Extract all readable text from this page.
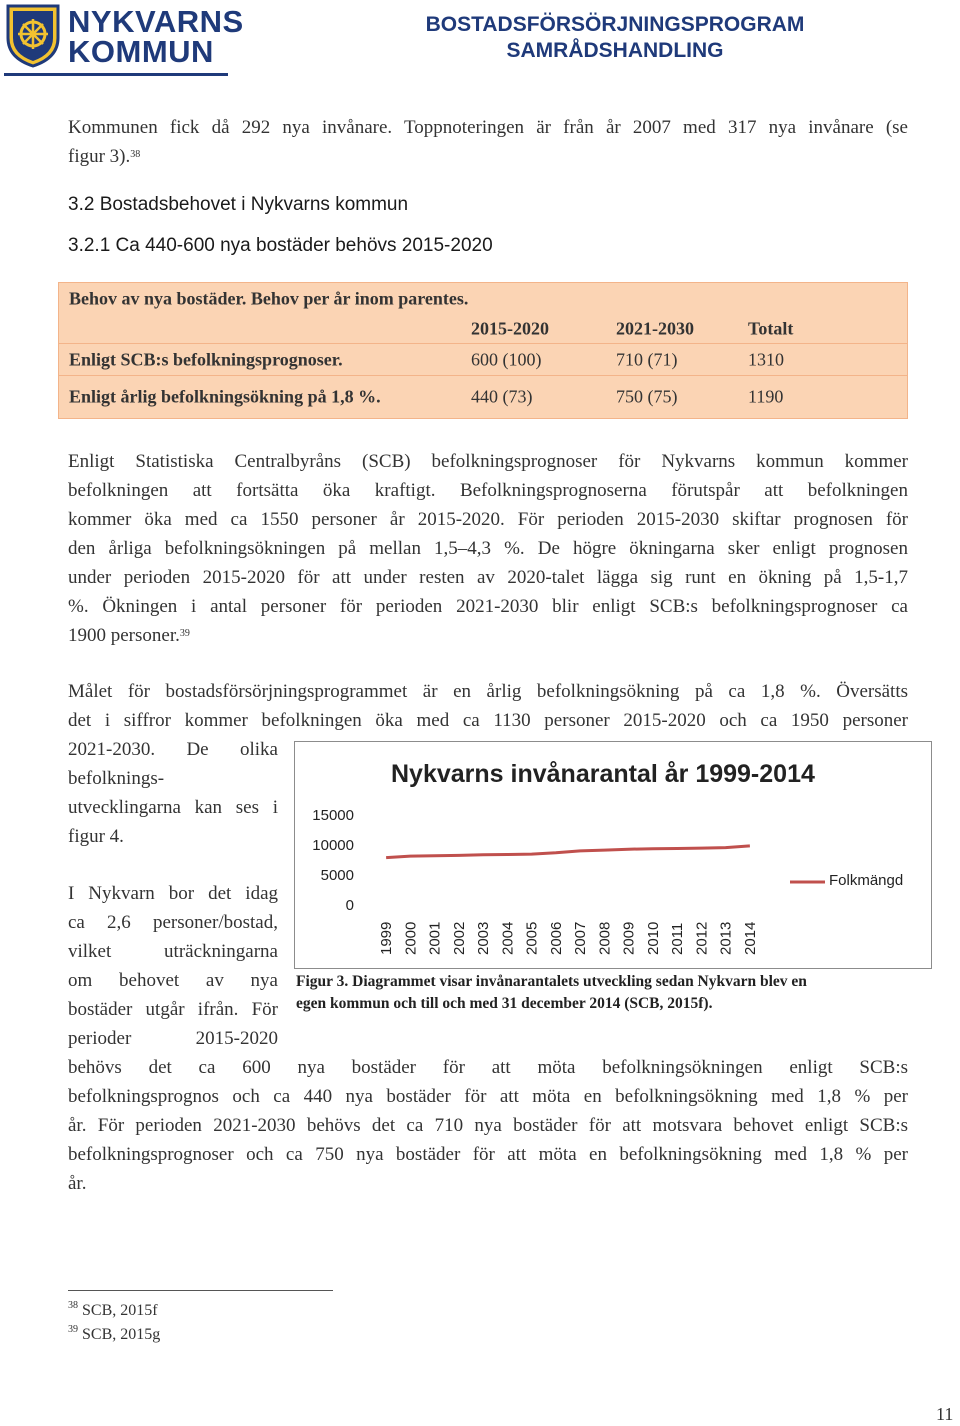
NYKVARNS
KOMMUN
BOSTADSFÖRSÖRJNINGSPROGRAM
SAMRÅDSHANDLING
Kommunen fick då 292 nya invånare. Toppnoteringen är från år 2007 med 317 nya invånare (se
figur 3).$^{38}$
3.2 Bostadsbehovet i Nykvarns kommun
3.2.1 Ca 440-600 nya bostäder behövs 2015-2020
Behov av nya bostäder. Behov per år inom parentes.
2015-2020	2021-2030	Totalt
Enligt SCB:s befolkningsprognoser.	600 (100)	710 (71)	1310
Enligt årlig befolkningsökning på 1,8 %.	440 (73)	750 (75)	1190
Enligt Statistiska Centralbyråns (SCB) befolkningsprognoser för Nykvarns kommun kommer
befolkningen att fortsätta öka kraftigt. Befolkningsprognoserna förutspår att befolkningen
kommer öka med ca 1550 personer år 2015-2020. För perioden 2015-2030 skiftar prognosen för
den årliga befolkningsökningen på mellan 1,5–4,3 %. De högre ökningarna sker enligt prognosen
under perioden 2015-2020 för att under resten av 2020-talet lägga sig runt en ökning på 1,5-1,7
%. Ökningen i antal personer för perioden 2021-2030 blir enligt SCB:s befolkningsprognoser ca
1900 personer.$^{39}$
Målet för bostadsförsörjningsprogrammet är en årlig befolkningsökning på ca 1,8 %. Översätts
det i siffror kommer befolkningen öka med ca 1130 personer 2015-2020 och ca 1950 personer
2021-2030. De olika
befolknings-
utvecklingarna kan ses i
figur 4.
I Nykvarn bor det idag
ca 2,6 personer/bostad,
vilket uträckningarna
om behovet av nya
bostäder utgår ifrån. För
perioder 2015-2020
behövs det ca 600 nya bostäder för att möta befolkningsökningen enligt SCB:s
befolkningsprognos och ca 440 nya bostäder för att möta en befolkningsökning med 1,8 % per
år. För perioden 2021-2030 behövs det ca 710 nya bostäder för att motsvara behovet enligt SCB:s
befolkningsprognoser och ca 750 nya bostäder för att möta en befolkningsökning med 1,8 % per
år.
Nykvarns invånarantal år 1999-2014
15000
10000
5000
0
1999 2000 2001 2002 2003 2004 2005 2006 2007 2008 2009 2010 2011 2012 2013 2014
Folkmängd
Figur 3. Diagrammet visar invånarantalets utveckling sedan Nykvarn blev en
egen kommun och till och med 31 december 2014 (SCB, 2015f).
$^{38}$ SCB, 2015f
$^{39}$ SCB, 2015g
11
